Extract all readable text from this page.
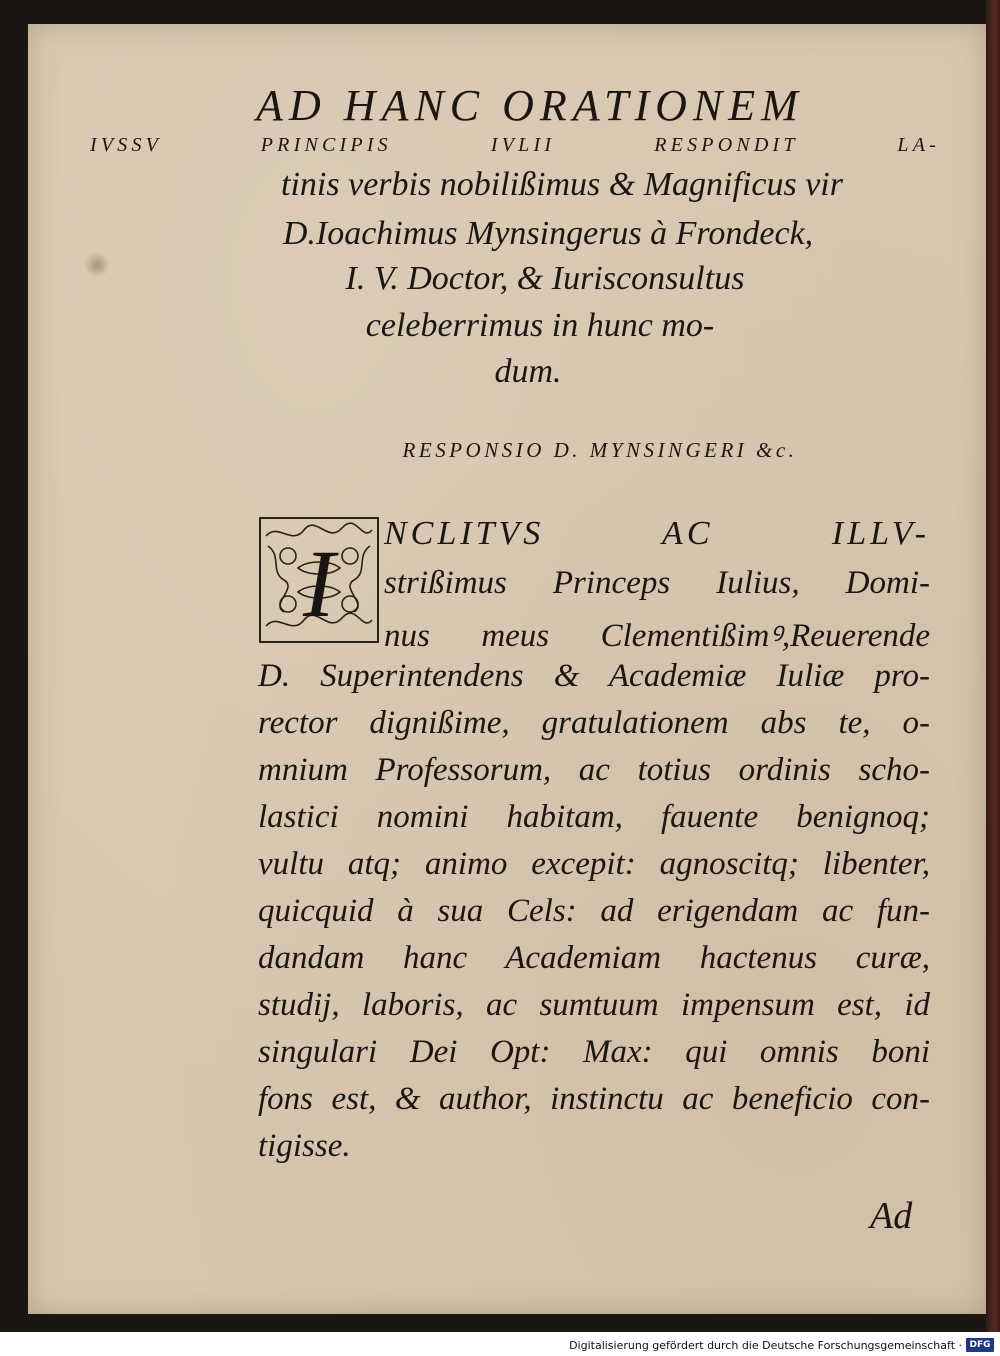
AD HANC ORATIONEM
IVSSV PRINCIPIS IVLII RESPONDIT LA-
tinis verbis nobilißimus & Magnificus vir
D.Ioachimus Mynsingerus à Frondeck,
I. V. Doctor, & Iurisconsultus
celeberrimus in hunc mo-
dum.
RESPONSIO D. MYNSINGERI &c.
I NCLITVS AC ILLV-
strißimus Princeps Iulius, Domi-
nus meus Clementißimꝰ,Reuerende
D. Superintendens & Academiæ Iuliæ pro-
rector dignißime, gratulationem abs te, o-
mnium Professorum, ac totius ordinis scho-
lastici nomini habitam, fauente benignoq;
vultu atq; animo excepit: agnoscitq; libenter,
quicquid à sua Cels: ad erigendam ac fun-
dandam hanc Academiam hactenus curæ,
studij, laboris, ac sumtuum impensum est, id
singulari Dei Opt: Max: qui omnis boni
fons est, & author, instinctu ac beneficio con-
tigisse.
Ad
Digitalisierung gefördert durch die Deutsche Forschungsgemeinschaft · DFG
